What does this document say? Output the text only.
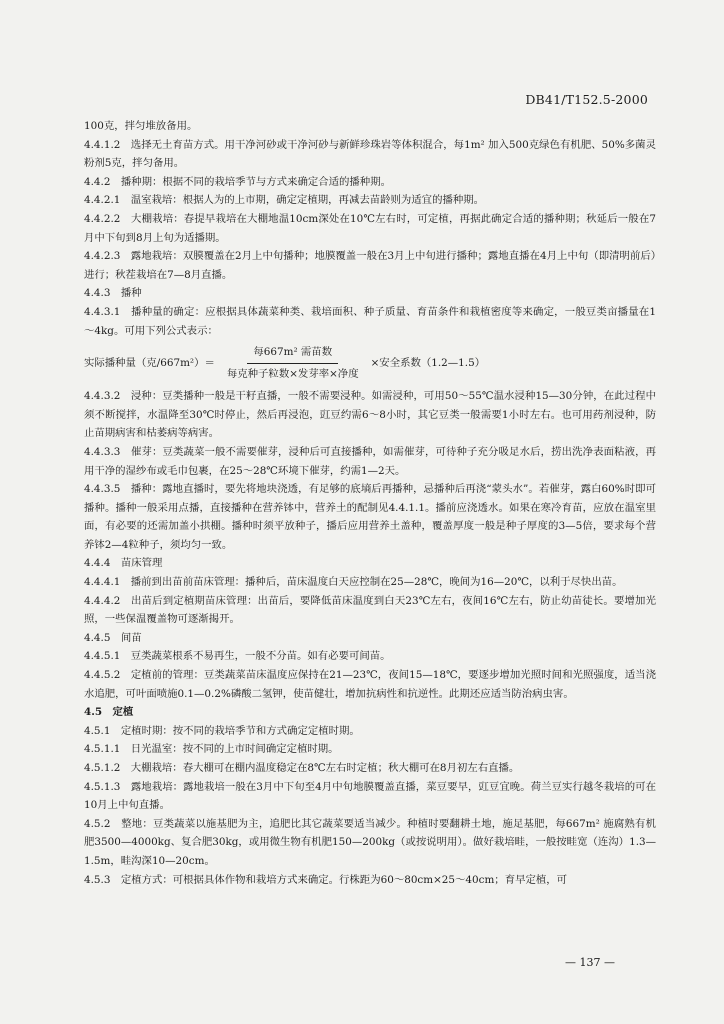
DB41/T152.5-2000

100克，拌匀堆放备用。

4.4.1.2　选择无土育苗方式。用干净河砂或干净河砂与新鲜珍珠岩等体积混合，每1m² 加入500克绿色有机肥、50%多菌灵粉剂5克，拌匀备用。

4.4.2　播种期：根据不同的栽培季节与方式来确定合适的播种期。

4.4.2.1　温室栽培：根据人为的上市期，确定定植期，再减去苗龄则为适宜的播种期。

4.4.2.2　大棚栽培：春提早栽培在大棚地温10cm深处在10℃左右时，可定植，再据此确定合适的播种期；秋延后一般在7月中下旬到8月上旬为适播期。

4.4.2.3　露地栽培：双膜覆盖在2月上中旬播种；地膜覆盖一般在3月上中旬进行播种；露地直播在4月上中旬（即清明前后）进行；秋茬栽培在7—8月直播。

4.4.3　播种

4.4.3.1　播种量的确定：应根据具体蔬菜种类、栽培面积、种子质量、育苗条件和栽植密度等来确定，一般豆类亩播量在1～4kg。可用下列公式表示：

实际播种量（克$/667m^2)= \frac{\text{每667m² 需苗数}}{\text{每克种子粒数×发芽率×净度}}$ ×安全系数（1.2—1.5）

4.4.3.2　浸种：豆类播种一般是干籽直播，一般不需要浸种。如需浸种，可用50～55℃温水浸种15—30分钟，在此过程中须不断搅拌，水温降至30℃时停止，然后再浸泡，豇豆约需6～8小时，其它豆类一般需要1小时左右。也可用药剂浸种，防止苗期病害和枯萎病等病害。

4.4.3.3　催芽：豆类蔬菜一般不需要催芽，浸种后可直接播种，如需催芽，可待种子充分吸足水后，捞出洗净表面粘液，再用干净的湿纱布或毛巾包裹，在25～28℃环境下催芽，约需1—2天。

4.4.3.5　播种：露地直播时，要先将地块浇透，有足够的底墒后再播种，忌播种后再浇“蒙头水”。若催芽，露白60%时即可播种。播种一般采用点播，直接播种在营养钵中，营养土的配制见4.4.1.1。播前应浇透水。如果在寒冷育苗，应放在温室里面，有必要的还需加盖小拱棚。播种时须平放种子，播后应用营养土盖种，覆盖厚度一般是种子厚度的3—5倍，要求每个营养钵2—4粒种子，须均匀一致。

4.4.4　苗床管理

4.4.4.1　播前到出苗前苗床管理：播种后，苗床温度白天应控制在25—28℃，晚间为16—20℃，以利于尽快出苗。

4.4.4.2　出苗后到定植期苗床管理：出苗后，要降低苗床温度到白天23℃左右，夜间16℃左右，防止幼苗徒长。要增加光照，一些保温覆盖物可逐渐揭开。

4.4.5　间苗

4.4.5.1　豆类蔬菜根系不易再生，一般不分苗。如有必要可间苗。

4.4.5.2　定植前的管理：豆类蔬菜苗床温度应保持在21—23℃，夜间15—18℃，要逐步增加光照时间和光照强度，适当浇水追肥，可叶面喷施0.1—0.2%磷酸二氢钾，使苗健壮，增加抗病性和抗逆性。此期还应适当防治病虫害。

4.5　定植

4.5.1　定植时期：按不同的栽培季节和方式确定定植时期。

4.5.1.1　日光温室：按不同的上市时间确定定植时期。

4.5.1.2　大棚栽培：春大棚可在棚内温度稳定在8℃左右时定植；秋大棚可在8月初左右直播。

4.5.1.3　露地栽培：露地栽培一般在3月中下旬至4月中旬地膜覆盖直播，菜豆要早，豇豆宜晚。荷兰豆实行越冬栽培的可在10月上中旬直播。

4.5.2　整地：豆类蔬菜以施基肥为主，追肥比其它蔬菜要适当减少。种植时要翻耕土地，施足基肥，每667m² 施腐熟有机肥3500—4000kg、复合肥30kg，或用微生物有机肥150—200kg（或按说明用）。做好栽培畦，一般按畦宽（连沟）1.3—1.5m，畦沟深10—20cm。

4.5.3　定植方式：可根据具体作物和栽培方式来确定。行株距为60～80cm×25～40cm；育早定植，可

— 137 —
